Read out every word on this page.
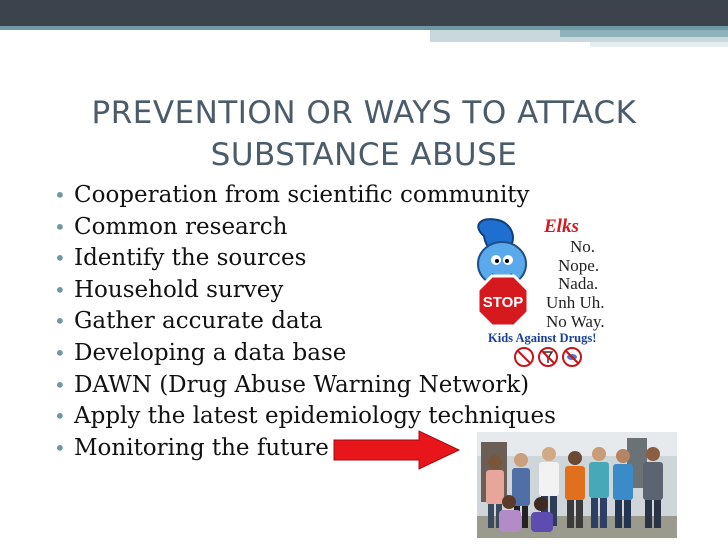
PREVENTION OR WAYS TO ATTACK
SUBSTANCE ABUSE
• Cooperation from scientific community
• Common research
• Identify the sources
• Household survey
• Gather accurate data
• Developing a data base
• DAWN (Drug Abuse Warning Network)
• Apply the latest epidemiology techniques
• Monitoring the future
STOP
Elks
No.
Nope.
Nada.
Unh Uh.
No Way.
Kids Against Drugs!
